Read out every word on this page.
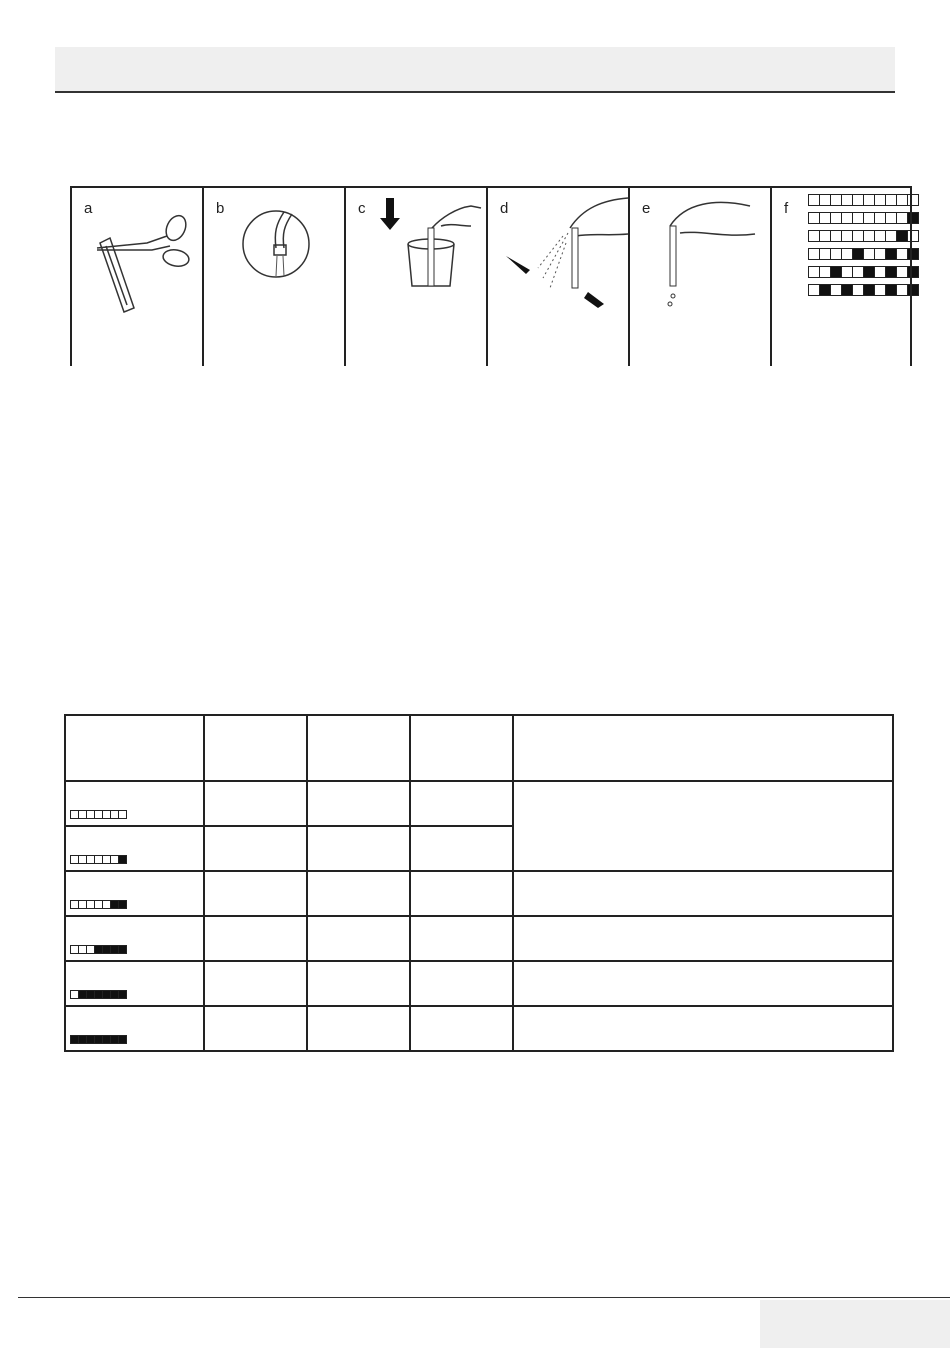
a	b	c	d	e	f
